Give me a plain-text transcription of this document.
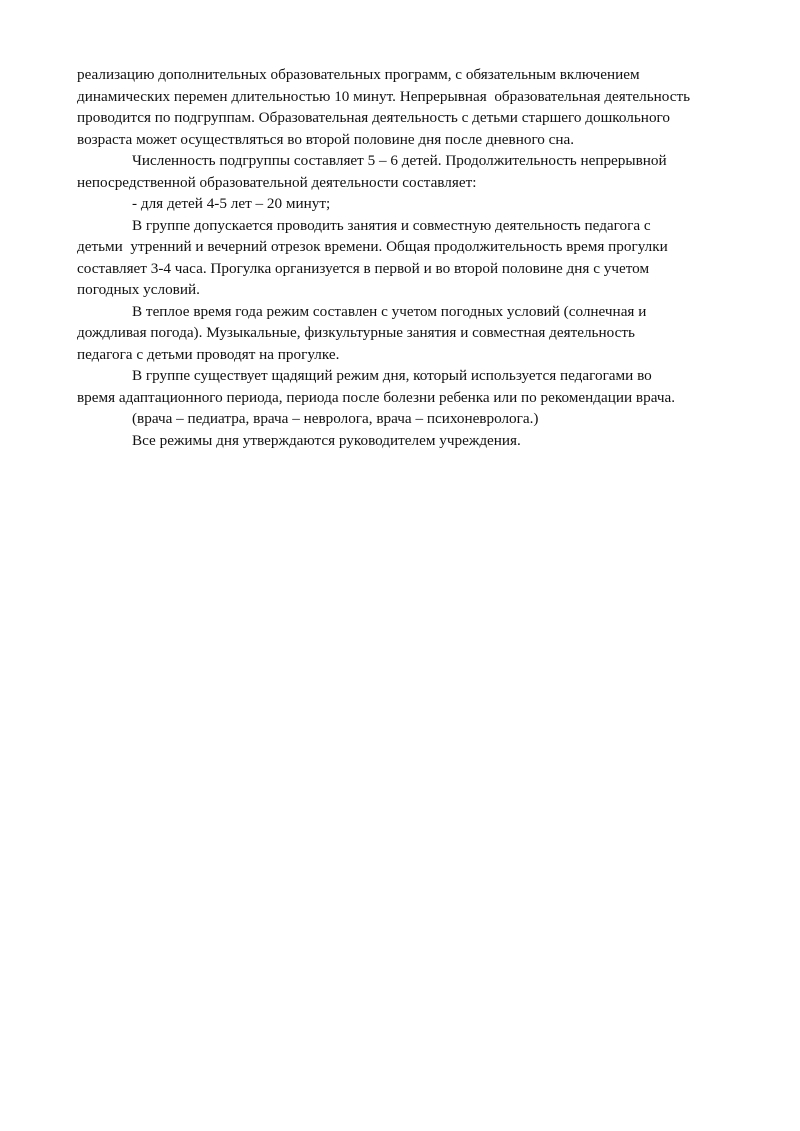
реализацию дополнительных образовательных программ, с обязательным включением
динамических перемен длительностью 10 минут. Непрерывная  образовательная деятельность
проводится по подгруппам. Образовательная деятельность с детьми старшего дошкольного
возраста может осуществляться во второй половине дня после дневного сна.
Численность подгруппы составляет 5 – 6 детей. Продолжительность непрерывной
непосредственной образовательной деятельности составляет:
- для детей 4-5 лет – 20 минут;
В группе допускается проводить занятия и совместную деятельность педагога с
детьми  утренний и вечерний отрезок времени. Общая продолжительность время прогулки
составляет 3-4 часа. Прогулка организуется в первой и во второй половине дня с учетом
погодных условий.
В теплое время года режим составлен с учетом погодных условий (солнечная и
дождливая погода). Музыкальные, физкультурные занятия и совместная деятельность
педагога с детьми проводят на прогулке.
В группе существует щадящий режим дня, который используется педагогами во
время адаптационного периода, периода после болезни ребенка или по рекомендации врача.
(врача – педиатра, врача – невролога, врача – психоневролога.)
Все режимы дня утверждаются руководителем учреждения.
